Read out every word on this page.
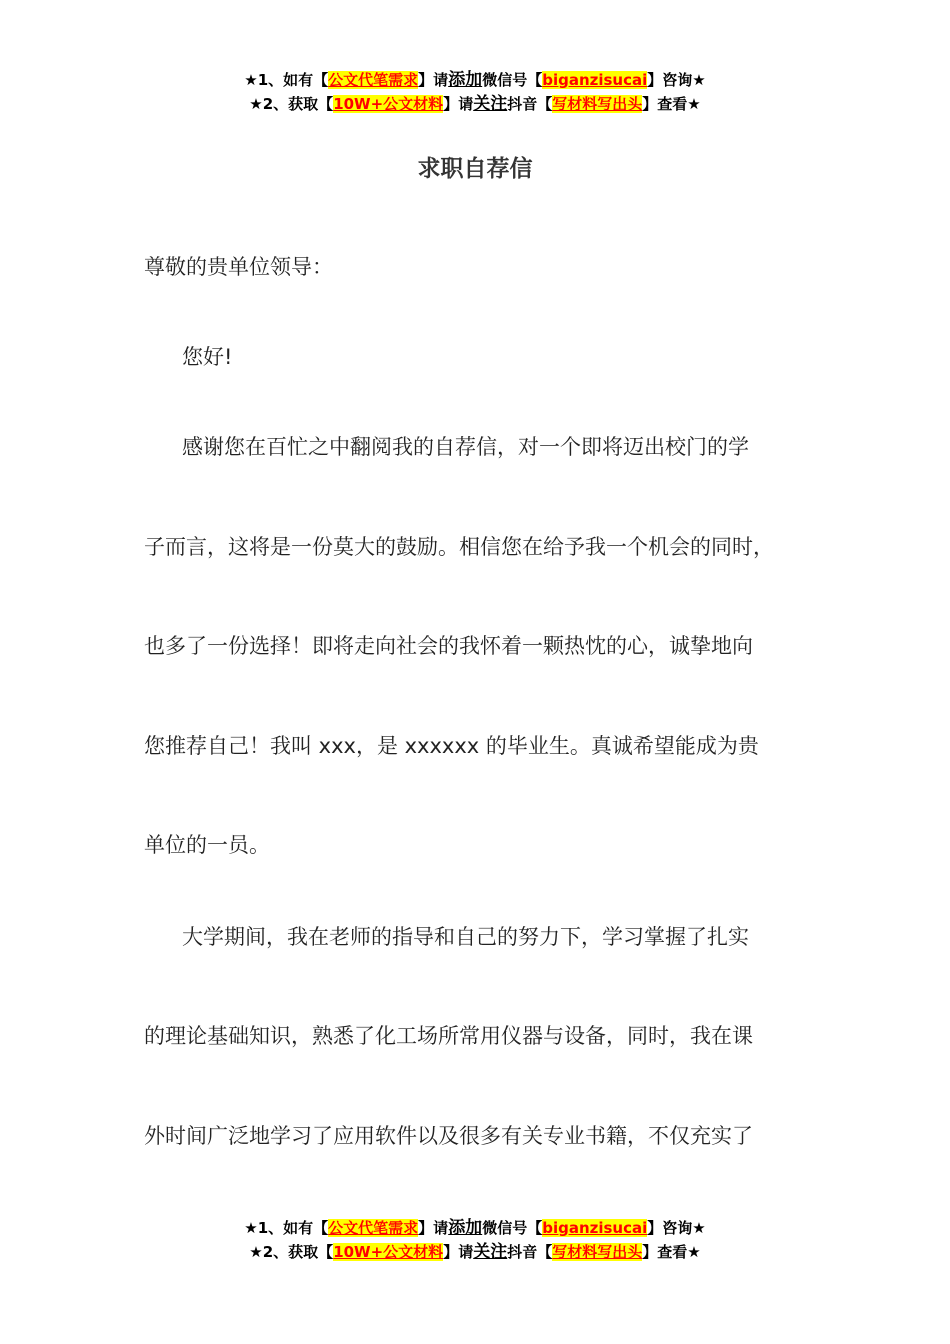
★1、如有【公文代笔需求】请添加微信号【biganzisucai】咨询★
★2、获取【10W+公文材料】请关注抖音【写材料写出头】查看★
求职自荐信
尊敬的贵单位领导：
您好!
感谢您在百忙之中翻阅我的自荐信，对一个即将迈出校门的学
子而言，这将是一份莫大的鼓励。相信您在给予我一个机会的同时，
也多了一份选择！即将走向社会的我怀着一颗热忱的心，诚挚地向
您推荐自己！我叫 xxx，是 xxxxxx 的毕业生。真诚希望能成为贵
单位的一员。
大学期间，我在老师的指导和自己的努力下，学习掌握了扎实
的理论基础知识，熟悉了化工场所常用仪器与设备，同时，我在课
外时间广泛地学习了应用软件以及很多有关专业书籍，不仅充实了
★1、如有【公文代笔需求】请添加微信号【biganzisucai】咨询★
★2、获取【10W+公文材料】请关注抖音【写材料写出头】查看★
